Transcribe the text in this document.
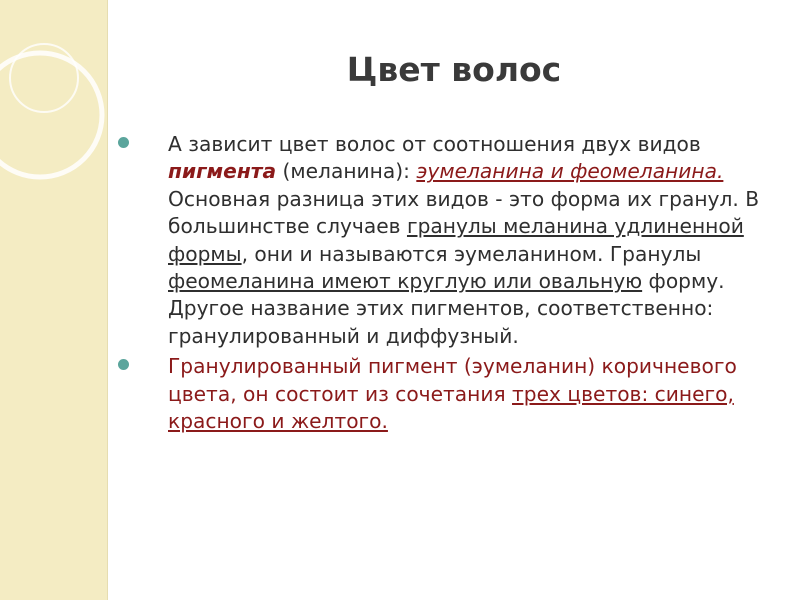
Цвет волос
А зависит цвет волос от соотношения двух видов пигмента (меланина): эумеланина и феомеланина. Основная разница этих видов - это форма их гранул. В большинстве случаев гранулы меланина удлиненной формы, они и называются эумеланином. Гранулы феомеланина имеют круглую или овальную форму. Другое название этих пигментов, соответственно: гранулированный и диффузный.
Гранулированный пигмент (эумеланин) коричневого цвета, он состоит из сочетания трех цветов: синего, красного и желтого.
